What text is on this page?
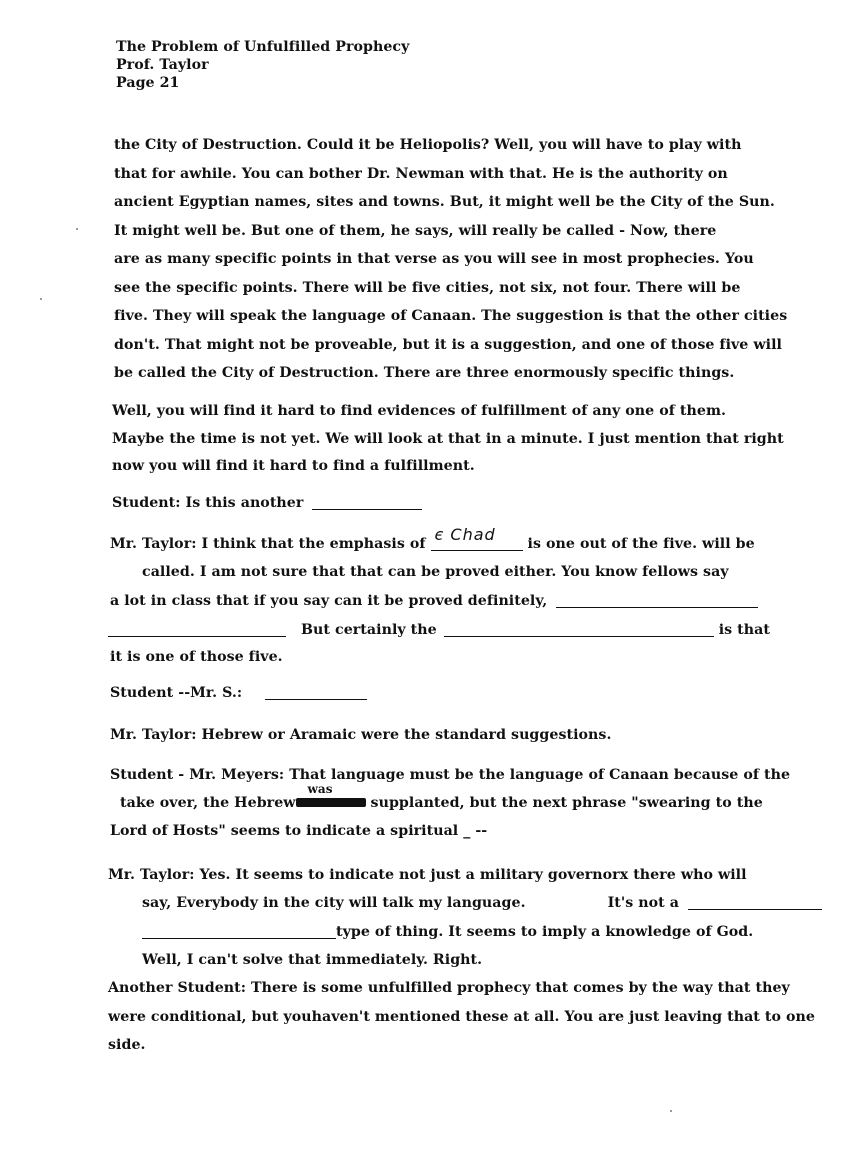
The Problem of Unfulfilled Prophecy
Prof. Taylor
Page 21
the City of Destruction. Could it be Heliopolis? Well, you will have to play with
that for awhile. You can bother Dr. Newman with that. He is the authority on
ancient Egyptian names, sites and towns. But, it might well be the City of the Sun.
It might well be. But one of them, he says, will really be called - Now, there
are as many specific points in that verse as you will see in most prophecies. You
see the specific points. There will be five cities, not six, not four. There will be
five. They will speak the language of Canaan. The suggestion is that the other cities
don't. That might not be proveable, but it is a suggestion, and one of those five will
be called the City of Destruction. There are three enormously specific things.
Well, you will find it hard to find evidences of fulfillment of any one of them.
Maybe the time is not yet. We will look at that in a minute. I just mention that right
now you will find it hard to find a fulfillment.
Student: Is this another
Mr. Taylor: I think that the emphasis of є Chad is one out of the five. will be
called. I am not sure that that can be proved either. You know fellows say
a lot in class that if you say can it be proved definitely,
But certainly the	is that
it is one of those five.
Student --Mr. S.:
Mr. Taylor: Hebrew or Aramaic were the standard suggestions.
Student - Mr. Meyers: That language must be the language of Canaan because of the
take over, the Hebrew
was
supplanted, but the next phrase "swearing to the
Lord of Hosts" seems to indicate a spiritual _ --
Mr. Taylor: Yes. It seems to indicate not just a military governorx there who will
say, Everybody in the city will talk my language.	It's not a
type of thing. It seems to imply a knowledge of God.
Well, I can't solve that immediately. Right.
Another Student: There is some unfulfilled prophecy that comes by the way that they
were conditional, but youhaven't mentioned these at all. You are just leaving that to one
side.
